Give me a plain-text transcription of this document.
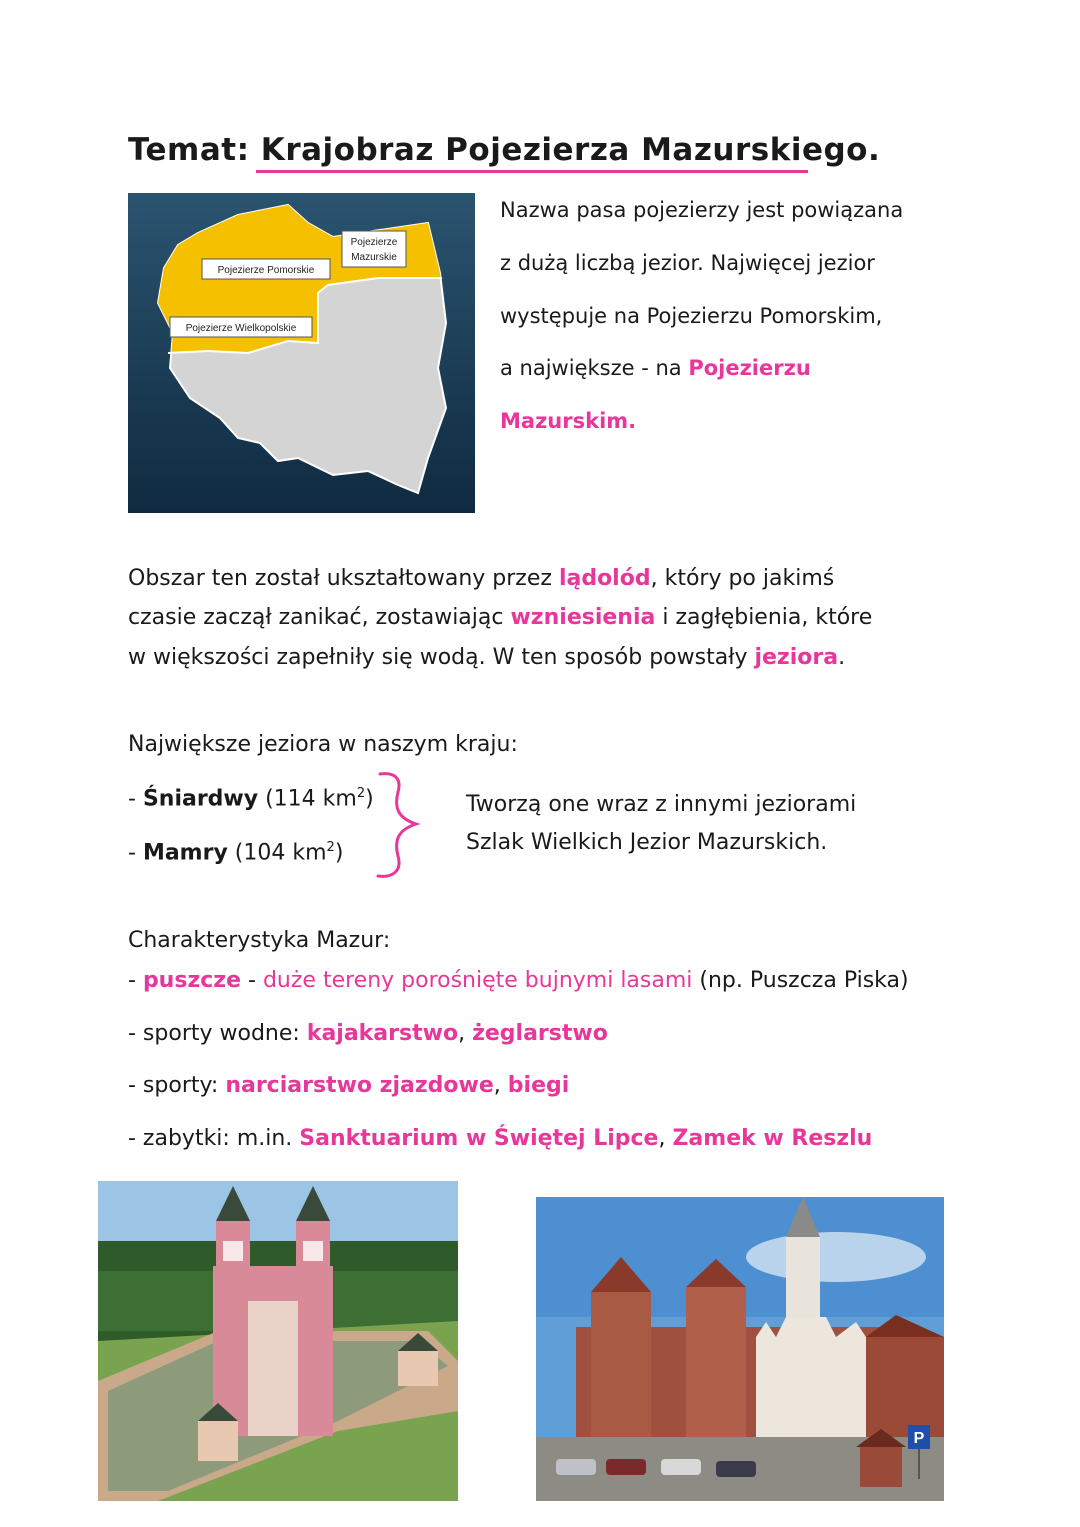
Temat: Krajobraz Pojezierza Mazurskiego.
Pojezierze Pomorskie
Pojezierze
Mazurskie
Pojezierze Wielkopolskie
Nazwa pasa pojezierzy jest powiązana
z dużą liczbą jezior. Najwięcej jezior
występuje na Pojezierzu Pomorskim,
a największe - na Pojezierzu
Mazurskim.
Obszar ten został ukształtowany przez lądolód, który po jakimś
czasie zaczął zanikać, zostawiając wzniesienia i zagłębienia, które
w większości zapełniły się wodą. W ten sposób powstały jeziora.
Największe jeziora w naszym kraju:
- Śniardwy (114 $km^2$)
- Mamry (104 $km^2$)
Tworzą one wraz z innymi jeziorami
Szlak Wielkich Jezior Mazurskich.
Charakterystyka Mazur:
- puszcze - duże tereny porośnięte bujnymi lasami (np. Puszcza Piska)
- sporty wodne: kajakarstwo, żeglarstwo
- sporty: narciarstwo zjazdowe, biegi
- zabytki: m.in. Sanktuarium w Świętej Lipce, Zamek w Reszlu
P
